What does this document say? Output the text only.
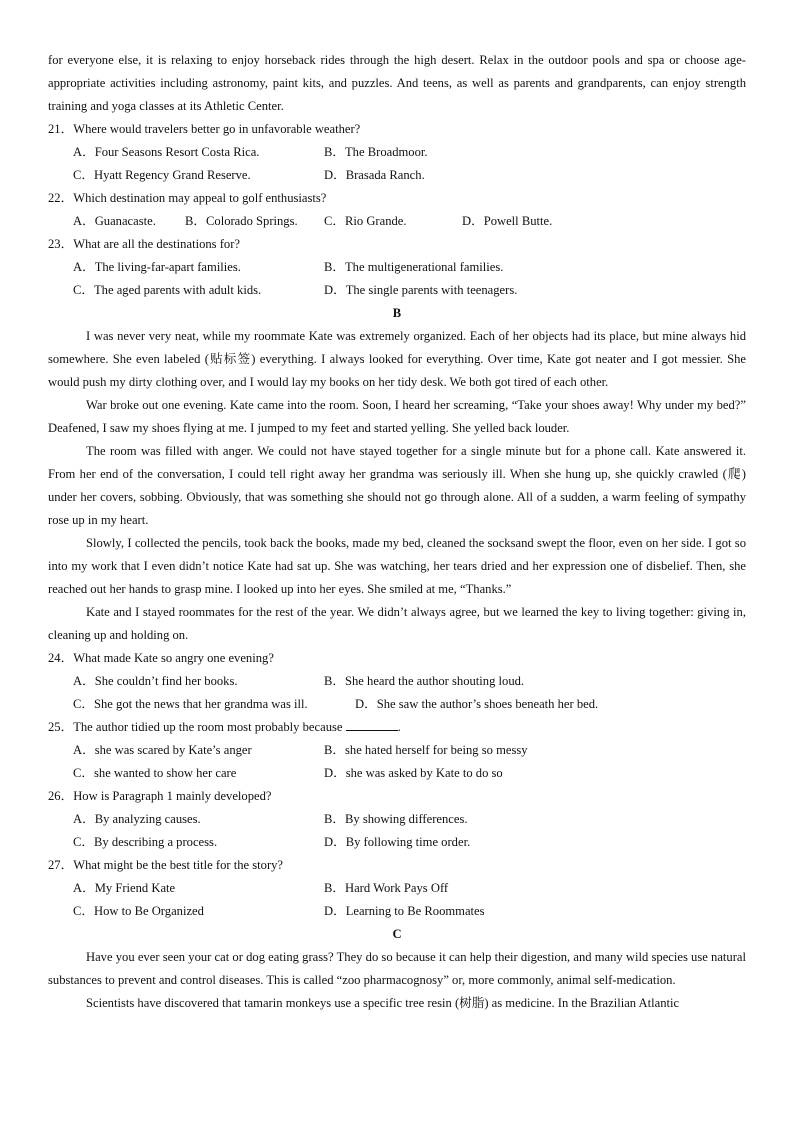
for everyone else, it is relaxing to enjoy horseback rides through the high desert. Relax in the outdoor pools and spa or choose age-appropriate activities including astronomy, paint kits, and puzzles. And teens, as well as parents and grandparents, can enjoy strength training and yoga classes at its Athletic Center.

21．Where would travelers better go in unfavorable weather?
A．Four Seasons Resort Costa Rica.	B．The Broadmoor.
C．Hyatt Regency Grand Reserve.	D．Brasada Ranch.
22．Which destination may appeal to golf enthusiasts?
A．Guanacaste.	B．Colorado Springs.	C．Rio Grande.	D．Powell Butte.
23．What are all the destinations for?
A．The living-far-apart families.	B．The multigenerational families.
C．The aged parents with adult kids.	D．The single parents with teenagers.
B

I was never very neat, while my roommate Kate was extremely organized. Each of her objects had its place, but mine always hid somewhere. She even labeled (贴标签) everything. I always looked for everything. Over time, Kate got neater and I got messier. She would push my dirty clothing over, and I would lay my books on her tidy desk. We both got tired of each other.

War broke out one evening. Kate came into the room. Soon, I heard her screaming, “Take your shoes away! Why under my bed?” Deafened, I saw my shoes flying at me. I jumped to my feet and started yelling. She yelled back louder.

The room was filled with anger. We could not have stayed together for a single minute but for a phone call. Kate answered it. From her end of the conversation, I could tell right away her grandma was seriously ill. When she hung up, she quickly crawled (爬) under her covers, sobbing. Obviously, that was something she should not go through alone. All of a sudden, a warm feeling of sympathy rose up in my heart.

Slowly, I collected the pencils, took back the books, made my bed, cleaned the socksand swept the floor, even on her side. I got so into my work that I even didn’t notice Kate had sat up. She was watching, her tears dried and her expression one of disbelief. Then, she reached out her hands to grasp mine. I looked up into her eyes. She smiled at me, “Thanks.”

Kate and I stayed roommates for the rest of the year. We didn’t always agree, but we learned the key to living together: giving in, cleaning up and holding on.

24．What made Kate so angry one evening?
A．She couldn’t find her books.	B．She heard the author shouting loud.
C．She got the news that her grandma was ill.	D．She saw the author’s shoes beneath her bed.
25．The author tidied up the room most probably because	.
A．she was scared by Kate’s anger	B．she hated herself for being so messy
C．she wanted to show her care	D．she was asked by Kate to do so
26．How is Paragraph 1 mainly developed?
A．By analyzing causes.	B．By showing differences.
C．By describing a process.	D．By following time order.
27．What might be the best title for the story?
A．My Friend Kate	B．Hard Work Pays Off
C．How to Be Organized	D．Learning to Be Roommates
C

Have you ever seen your cat or dog eating grass? They do so because it can help their digestion, and many wild species use natural substances to prevent and control diseases. This is called “zoo pharmacognosy” or, more commonly, animal self-medication.

Scientists have discovered that tamarin monkeys use a specific tree resin (树脂) as medicine. In the Brazilian Atlantic
